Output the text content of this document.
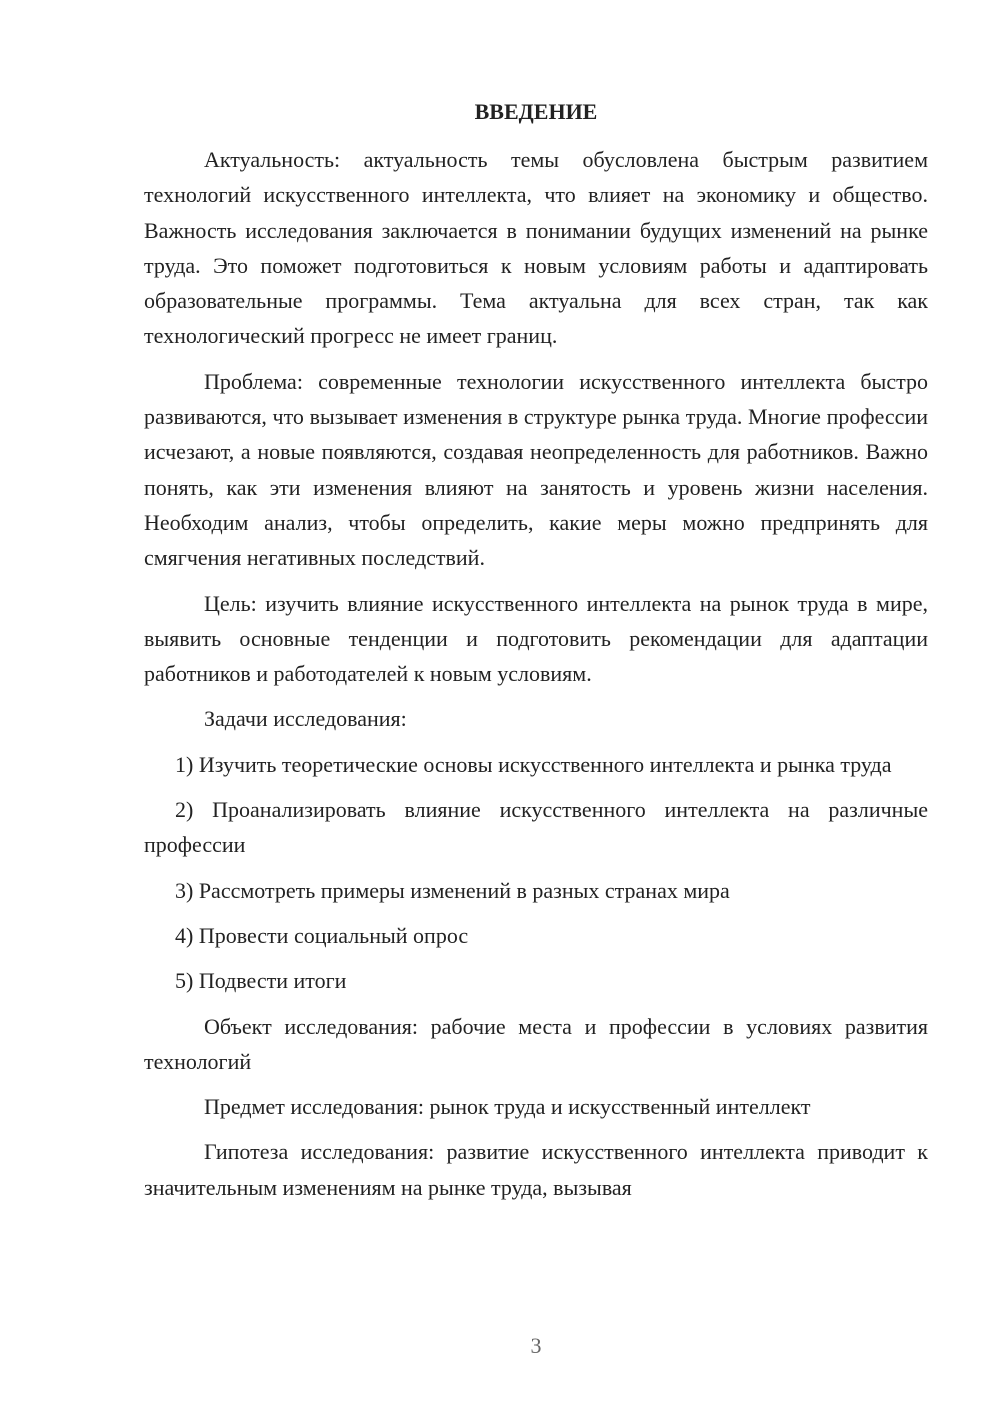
ВВЕДЕНИЕ

Актуальность: актуальность темы обусловлена быстрым развитием технологий искусственного интеллекта, что влияет на экономику и общество. Важность исследования заключается в понимании будущих изменений на рынке труда. Это поможет подготовиться к новым условиям работы и адаптировать образовательные программы. Тема актуальна для всех стран, так как технологический прогресс не имеет границ.

Проблема: современные технологии искусственного интеллекта быстро развиваются, что вызывает изменения в структуре рынка труда. Многие профессии исчезают, а новые появляются, создавая неопределенность для работников. Важно понять, как эти изменения влияют на занятость и уровень жизни населения. Необходим анализ, чтобы определить, какие меры можно предпринять для смягчения негативных последствий.

Цель: изучить влияние искусственного интеллекта на рынок труда в мире, выявить основные тенденции и подготовить рекомендации для адаптации работников и работодателей к новым условиям.

Задачи исследования:

1) Изучить теоретические основы искусственного интеллекта и рынка труда

2) Проанализировать влияние искусственного интеллекта на различные профессии

3) Рассмотреть примеры изменений в разных странах мира

4) Провести социальный опрос

5) Подвести итоги

Объект исследования: рабочие места и профессии в условиях развития технологий

Предмет исследования: рынок труда и искусственный интеллект

Гипотеза исследования: развитие искусственного интеллекта приводит к значительным изменениям на рынке труда, вызывая

3
